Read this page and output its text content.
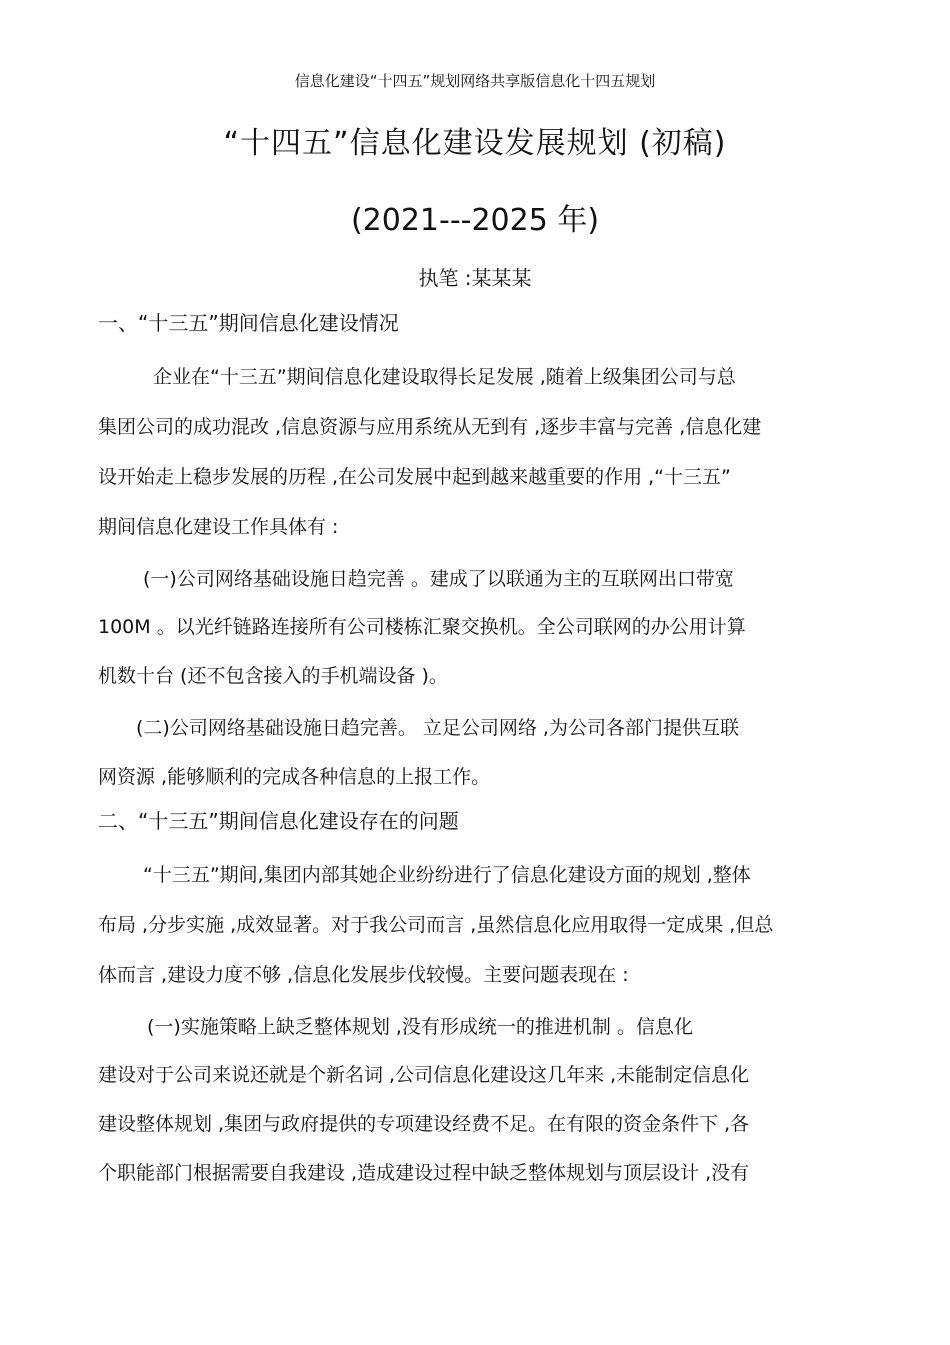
信息化建设“十四五”规划网络共享版信息化十四五规划
“十四五”信息化建设发展规划 (初稿)
(2021---2025 年)
执笔 :某某某
一、“十三五”期间信息化建设情况
企业在“十三五”期间信息化建设取得长足发展 ,随着上级集团公司与总
集团公司的成功混改 ,信息资源与应用系统从无到有 ,逐步丰富与完善 ,信息化建
设开始走上稳步发展的历程 ,在公司发展中起到越来越重要的作用 ,“十三五”
期间信息化建设工作具体有 :
(一)公司网络基础设施日趋完善 。建成了以联通为主的互联网出口带宽
100M 。以光纤链路连接所有公司楼栋汇聚交换机。全公司联网的办公用计算
机数十台 (还不包含接入的手机端设备 )。
(二)公司网络基础设施日趋完善。 立足公司网络 ,为公司各部门提供互联
网资源 ,能够顺利的完成各种信息的上报工作。
二、“十三五”期间信息化建设存在的问题
“十三五”期间,集团内部其她企业纷纷进行了信息化建设方面的规划 ,整体
布局 ,分步实施 ,成效显著。对于我公司而言 ,虽然信息化应用取得一定成果 ,但总
体而言 ,建设力度不够 ,信息化发展步伐较慢。主要问题表现在 :
(一)实施策略上缺乏整体规划 ,没有形成统一的推进机制 。信息化
建设对于公司来说还就是个新名词 ,公司信息化建设这几年来 ,未能制定信息化
建设整体规划 ,集团与政府提供的专项建设经费不足。在有限的资金条件下 ,各
个职能部门根据需要自我建设 ,造成建设过程中缺乏整体规划与顶层设计 ,没有
